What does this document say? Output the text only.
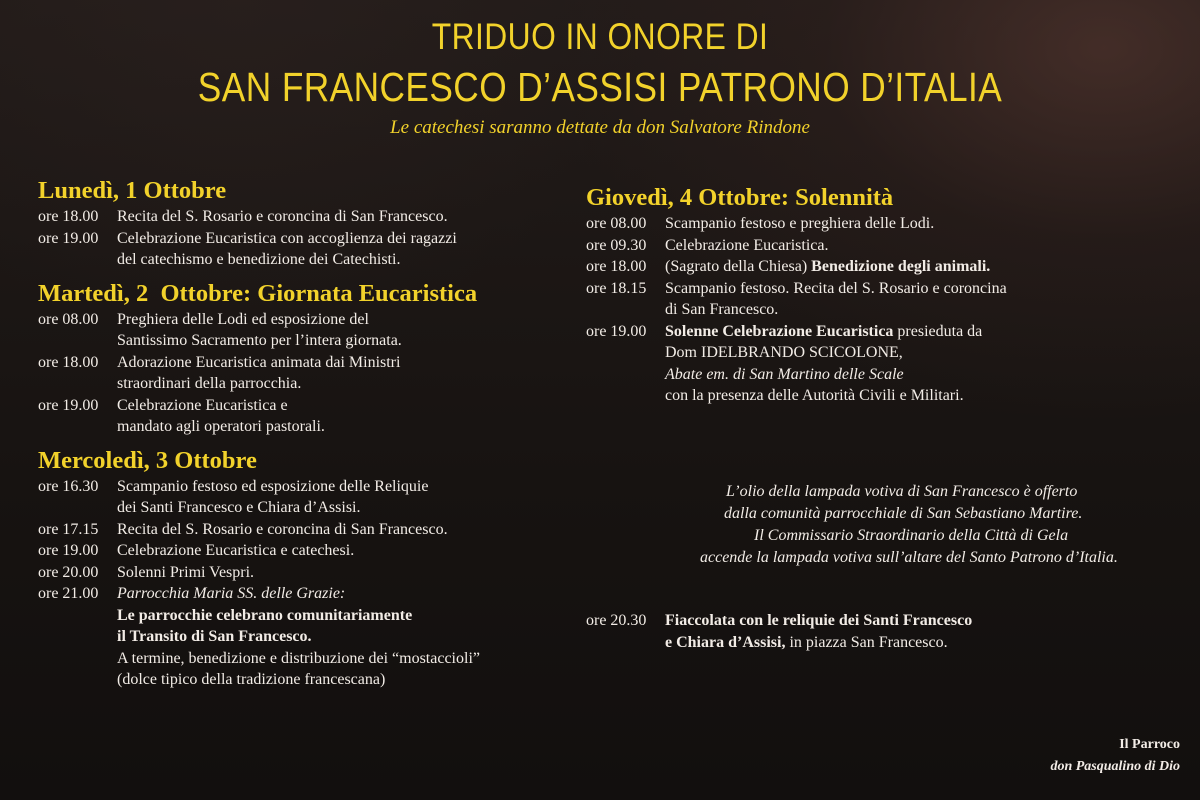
TRIDUO IN ONORE DI
SAN FRANCESCO D’ASSISI PATRONO D’ITALIA
Le catechesi saranno dettate da don Salvatore Rindone
Lunedì, 1 Ottobre
ore 18.00	Recita del S. Rosario e coroncina di San Francesco.
ore 19.00	Celebrazione Eucaristica con accoglienza dei ragazzi
del catechismo e benedizione dei Catechisti.
Martedì, 2  Ottobre: Giornata Eucaristica
ore 08.00	Preghiera delle Lodi ed esposizione del
Santissimo Sacramento per l’intera giornata.
ore 18.00	Adorazione Eucaristica animata dai Ministri
straordinari della parrocchia.
ore 19.00	Celebrazione Eucaristica e
mandato agli operatori pastorali.
Mercoledì, 3 Ottobre
ore 16.30	Scampanio festoso ed esposizione delle Reliquie
dei Santi Francesco e Chiara d’Assisi.
ore 17.15	Recita del S. Rosario e coroncina di San Francesco.
ore 19.00	Celebrazione Eucaristica e catechesi.
ore 20.00	Solenni Primi Vespri.
ore 21.00	Parrocchia Maria SS. delle Grazie:
Le parrocchie celebrano comunitariamente
il Transito di San Francesco.
A termine, benedizione e distribuzione dei “mostaccioli”
(dolce tipico della tradizione francescana)
Giovedì, 4 Ottobre: Solennità
ore 08.00	Scampanio festoso e preghiera delle Lodi.
ore 09.30	Celebrazione Eucaristica.
ore 18.00	(Sagrato della Chiesa) Benedizione degli animali.
ore 18.15	Scampanio festoso. Recita del S. Rosario e coroncina
di San Francesco.
ore 19.00	Solenne Celebrazione Eucaristica presieduta da
Dom IDELBRANDO SCICOLONE,
Abate em. di San Martino delle Scale
con la presenza delle Autorità Civili e Militari.
L’olio della lampada votiva di San Francesco è offerto
dalla comunità parrocchiale di San Sebastiano Martire.
Il Commissario Straordinario della Città di Gela
accende la lampada votiva sull’altare del Santo Patrono d’Italia.
ore 20.30	Fiaccolata con le reliquie dei Santi Francesco
e Chiara d’Assisi, in piazza San Francesco.
Il Parroco
don Pasqualino di Dio
